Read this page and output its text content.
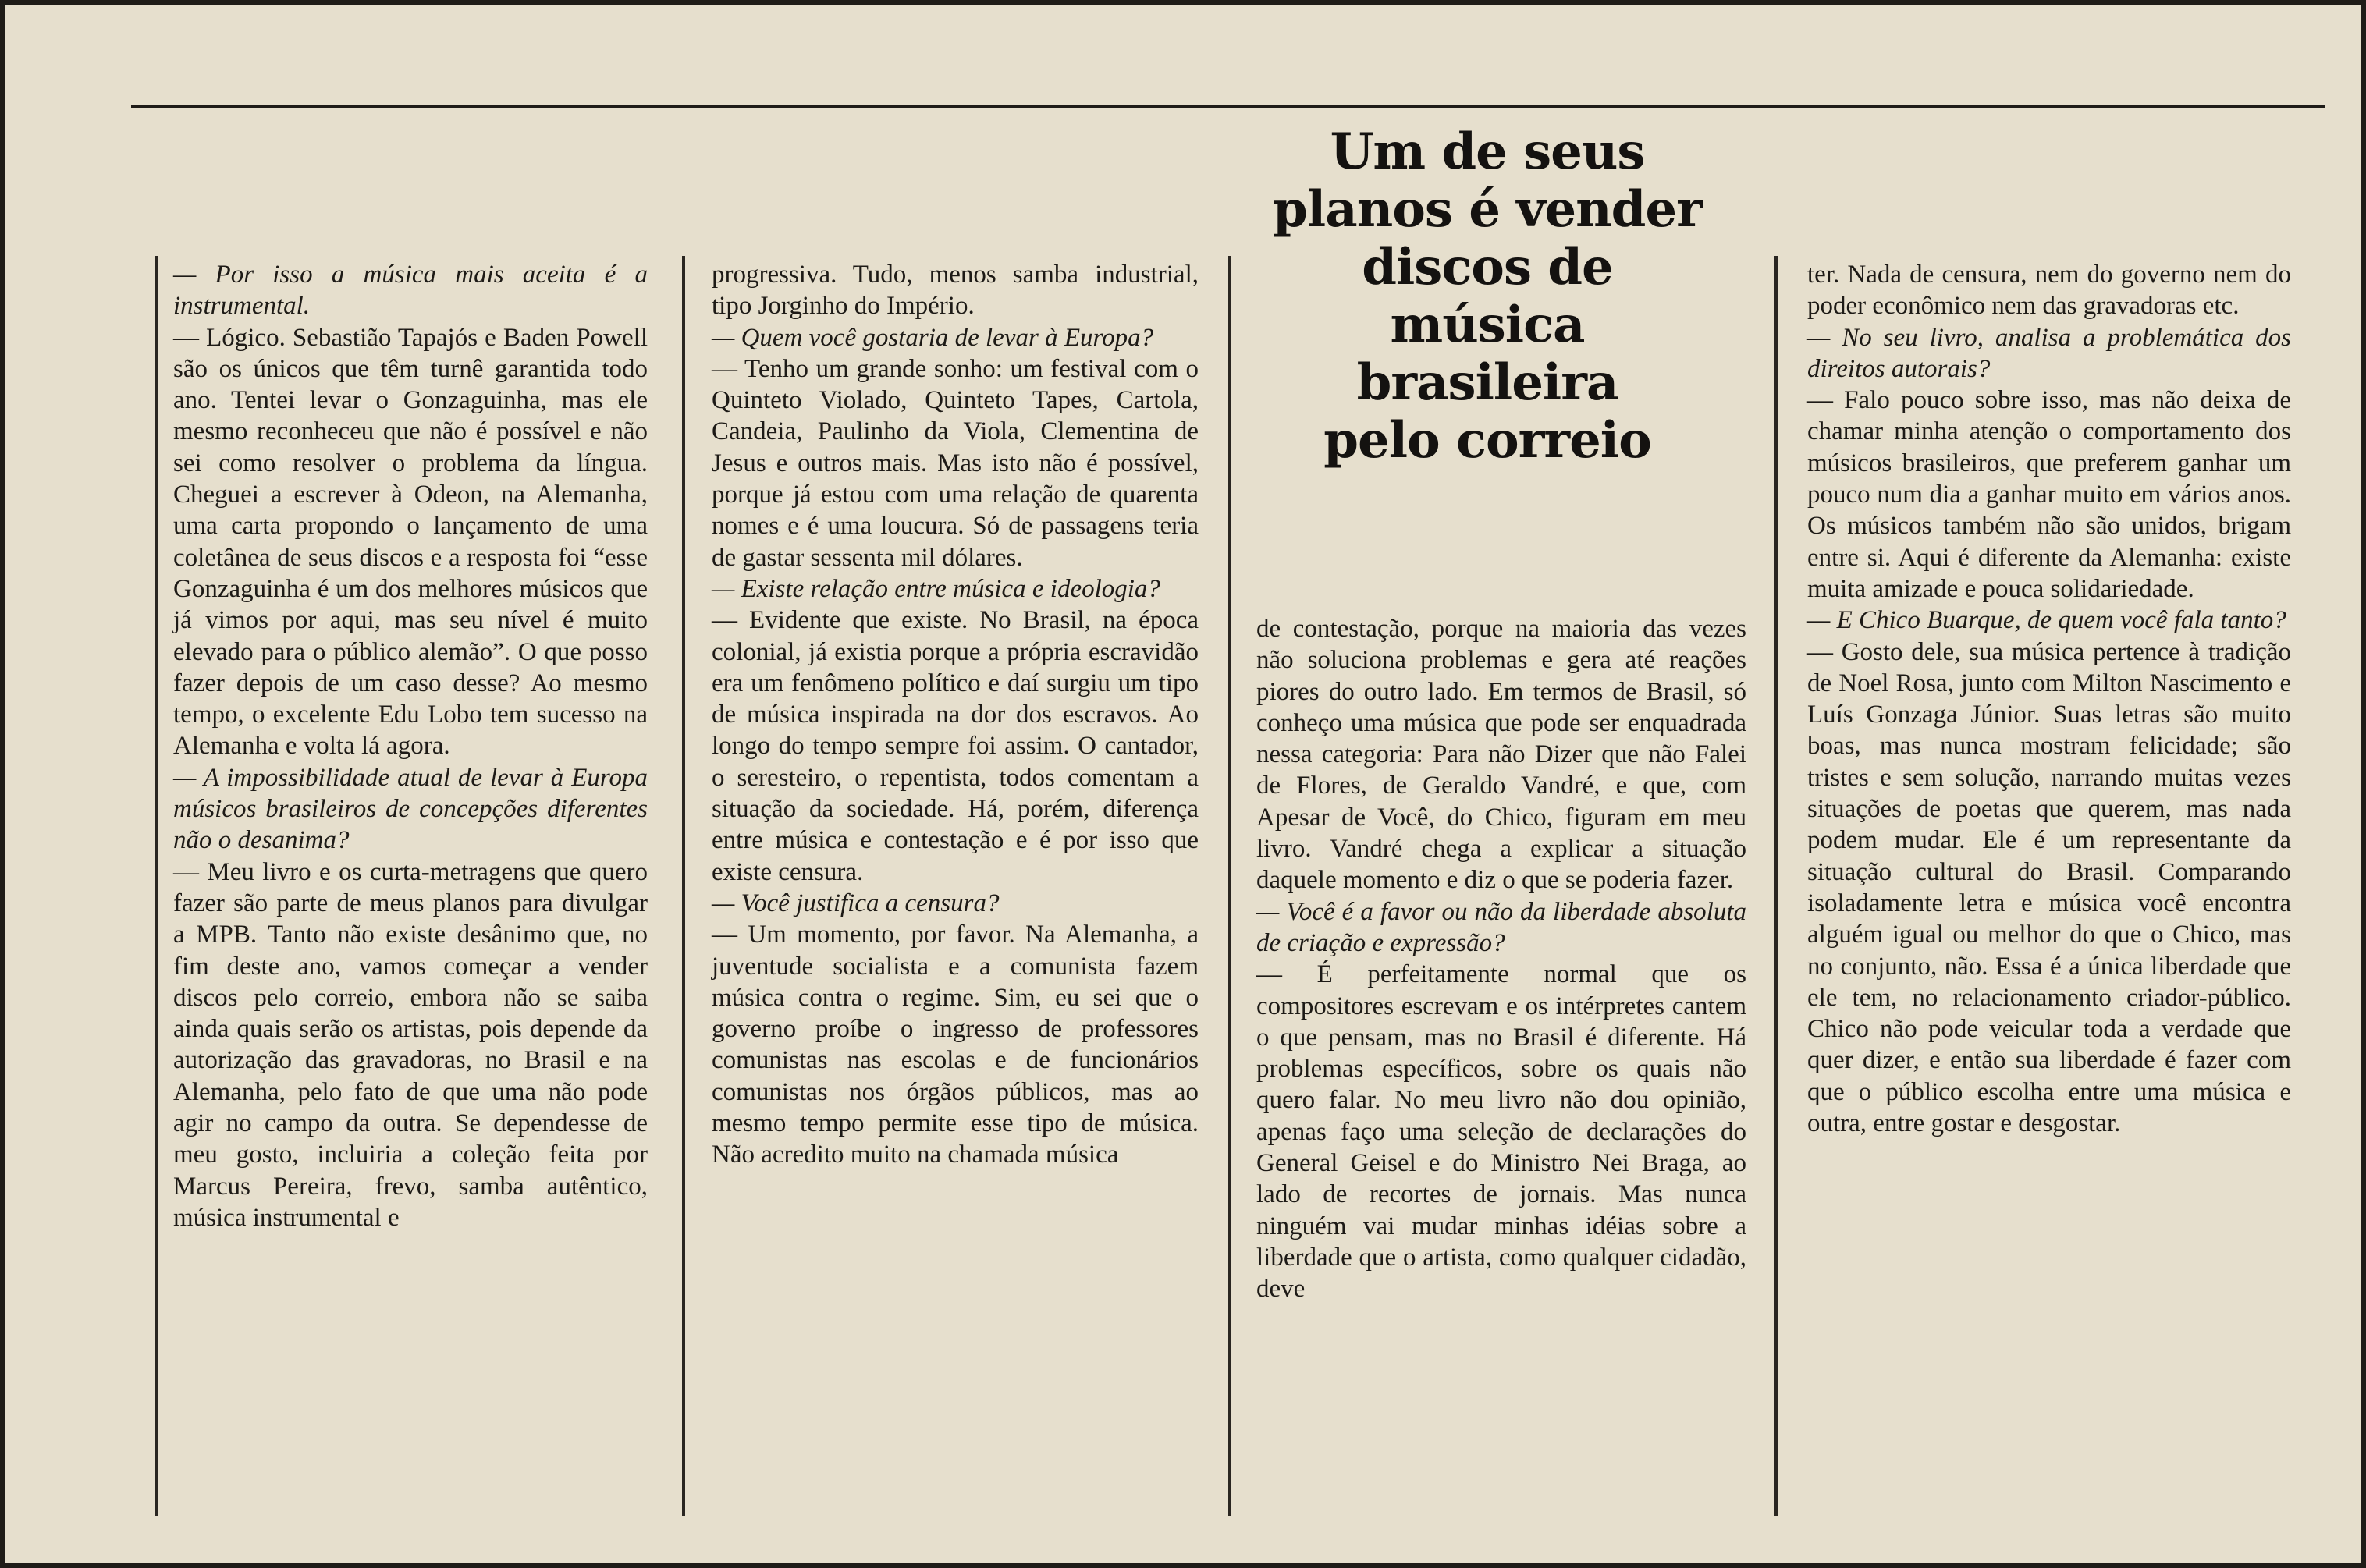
Um de seus
planos é vender
discos de
música
brasileira
pelo correio

— Por isso a música mais aceita é a instrumental.

— Lógico. Sebastião Tapajós e Baden Powell são os únicos que têm turnê garantida todo ano. Tentei levar o Gonzaguinha, mas ele mesmo reconheceu que não é possível e não sei como resolver o problema da língua. Cheguei a escrever à Odeon, na Alemanha, uma carta propondo o lançamento de uma coletânea de seus discos e a resposta foi “esse Gonzaguinha é um dos melhores músicos que já vimos por aqui, mas seu nível é muito elevado para o público alemão”. O que posso fazer depois de um caso desse? Ao mesmo tempo, o excelente Edu Lobo tem sucesso na Alemanha e volta lá agora.

— A impossibilidade atual de levar à Europa músicos brasileiros de concepções diferentes não o desanima?

— Meu livro e os curta-metragens que quero fazer são parte de meus planos para divulgar a MPB. Tanto não existe desânimo que, no fim deste ano, vamos começar a vender discos pelo correio, embora não se saiba ainda quais serão os artistas, pois depende da autorização das gravadoras, no Brasil e na Alemanha, pelo fato de que uma não pode agir no campo da outra. Se dependesse de meu gosto, incluiria a coleção feita por Marcus Pereira, frevo, samba autêntico, música instrumental e

progressiva. Tudo, menos samba industrial, tipo Jorginho do Império.

— Quem você gostaria de levar à Europa?

— Tenho um grande sonho: um festival com o Quinteto Violado, Quinteto Tapes, Cartola, Candeia, Paulinho da Viola, Clementina de Jesus e outros mais. Mas isto não é possível, porque já estou com uma relação de quarenta nomes e é uma loucura. Só de passagens teria de gastar sessenta mil dólares.

— Existe relação entre música e ideologia?

— Evidente que existe. No Brasil, na época colonial, já existia porque a própria escravidão era um fenômeno político e daí surgiu um tipo de música inspirada na dor dos escravos. Ao longo do tempo sempre foi assim. O cantador, o seresteiro, o repentista, todos comentam a situação da sociedade. Há, porém, diferença entre música e contestação e é por isso que existe censura.

— Você justifica a censura?

— Um momento, por favor. Na Alemanha, a juventude socialista e a comunista fazem música contra o regime. Sim, eu sei que o governo proíbe o ingresso de professores comunistas nas escolas e de funcionários comunistas nos órgãos públicos, mas ao mesmo tempo permite esse tipo de música. Não acredito muito na chamada música

de contestação, porque na maioria das vezes não soluciona problemas e gera até reações piores do outro lado. Em termos de Brasil, só conheço uma música que pode ser enquadrada nessa categoria: Para não Dizer que não Falei de Flores, de Geraldo Vandré, e que, com Apesar de Você, do Chico, figuram em meu livro. Vandré chega a explicar a situação daquele momento e diz o que se poderia fazer.

— Você é a favor ou não da liberdade absoluta de criação e expressão?

— É perfeitamente normal que os compositores escrevam e os intérpretes cantem o que pensam, mas no Brasil é diferente. Há problemas específicos, sobre os quais não quero falar. No meu livro não dou opinião, apenas faço uma seleção de declarações do General Geisel e do Ministro Nei Braga, ao lado de recortes de jornais. Mas nunca ninguém vai mudar minhas idéias sobre a liberdade que o artista, como qualquer cidadão, deve

ter. Nada de censura, nem do governo nem do poder econômico nem das gravadoras etc.

— No seu livro, analisa a problemática dos direitos autorais?

— Falo pouco sobre isso, mas não deixa de chamar minha atenção o comportamento dos músicos brasileiros, que preferem ganhar um pouco num dia a ganhar muito em vários anos. Os músicos também não são unidos, brigam entre si. Aqui é diferente da Alemanha: existe muita amizade e pouca solidariedade.

— E Chico Buarque, de quem você fala tanto?

— Gosto dele, sua música pertence à tradição de Noel Rosa, junto com Milton Nascimento e Luís Gonzaga Júnior. Suas letras são muito boas, mas nunca mostram felicidade; são tristes e sem solução, narrando muitas vezes situações de poetas que querem, mas nada podem mudar. Ele é um representante da situação cultural do Brasil. Comparando isoladamente letra e música você encontra alguém igual ou melhor do que o Chico, mas no conjunto, não. Essa é a única liberdade que ele tem, no relacionamento criador-público. Chico não pode veicular toda a verdade que quer dizer, e então sua liberdade é fazer com que o público escolha entre uma música e outra, entre gostar e desgostar.
